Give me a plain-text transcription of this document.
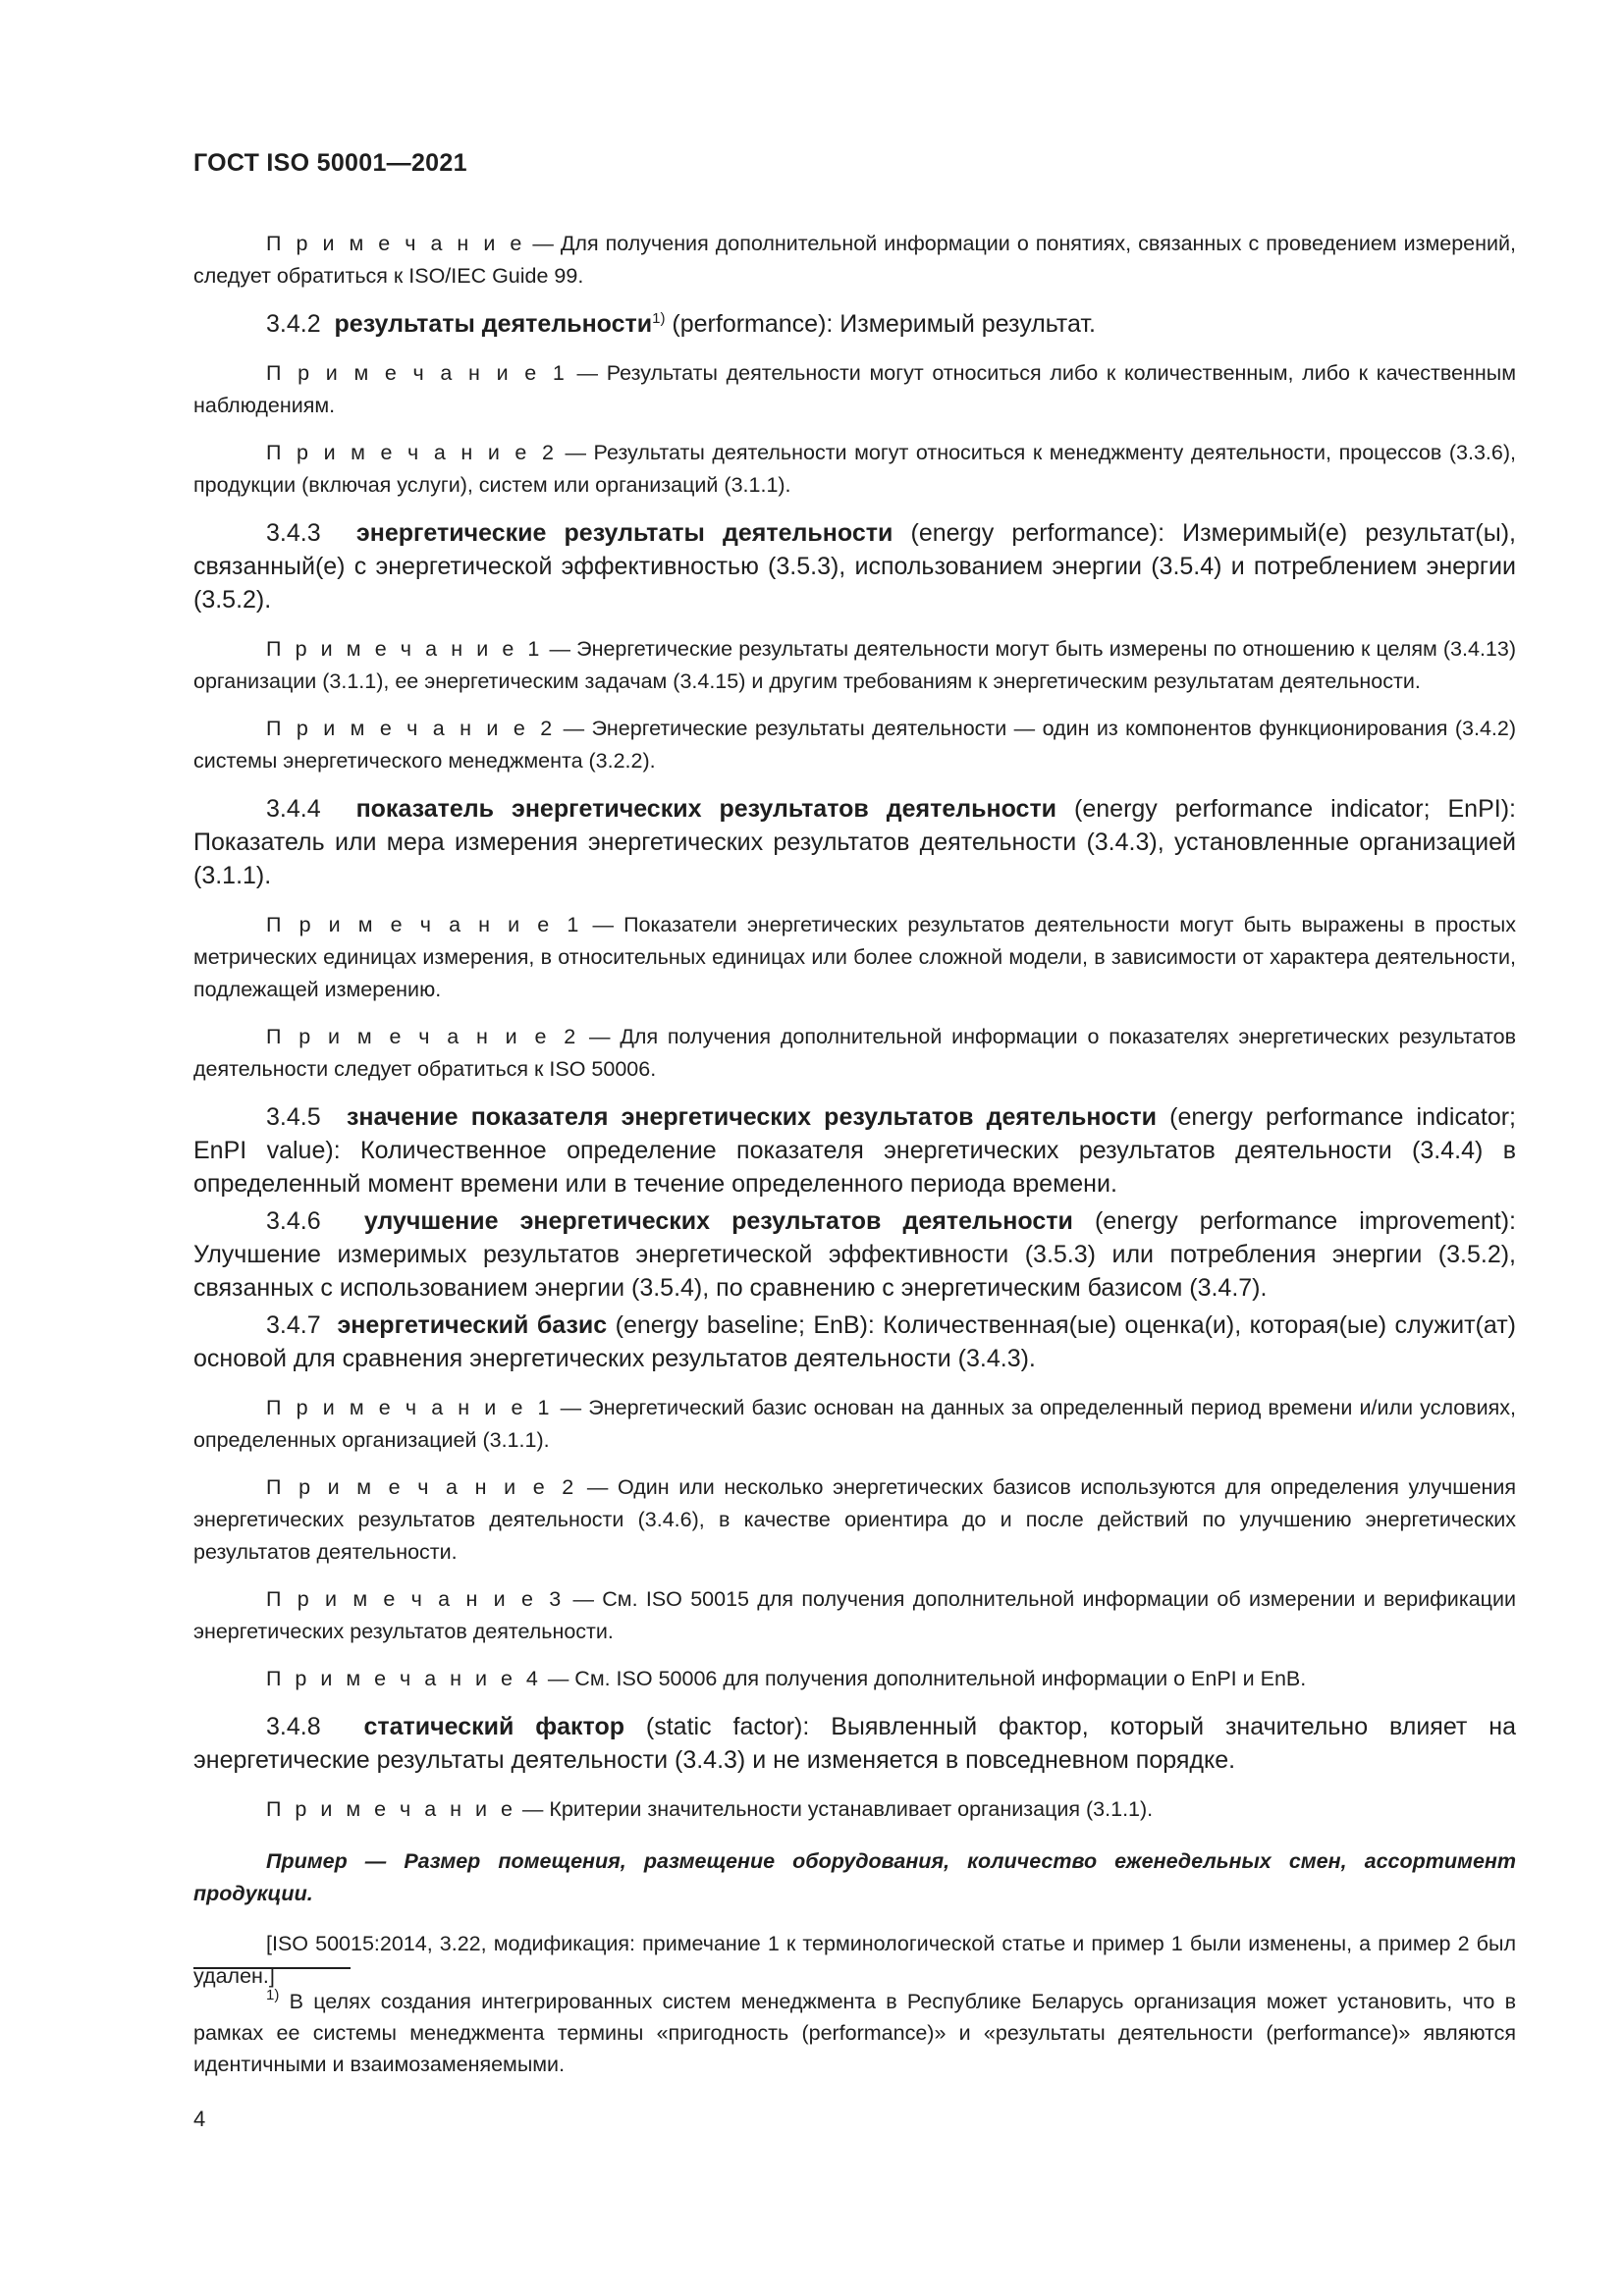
ГОСТ ISO 50001—2021

П р и м е ч а н и е — Для получения дополнительной информации о понятиях, связанных с проведением измерений, следует обратиться к ISO/IEC Guide 99.

3.4.2 результаты деятельности$^{1)}$ (performance): Измеримый результат.

П р и м е ч а н и е 1 — Результаты деятельности могут относиться либо к количественным, либо к качественным наблюдениям.

П р и м е ч а н и е 2 — Результаты деятельности могут относиться к менеджменту деятельности, процессов (3.3.6), продукции (включая услуги), систем или организаций (3.1.1).

3.4.3 энергетические результаты деятельности (energy performance): Измеримый(е) результат(ы), связанный(е) с энергетической эффективностью (3.5.3), использованием энергии (3.5.4) и потреблением энергии (3.5.2).

П р и м е ч а н и е 1 — Энергетические результаты деятельности могут быть измерены по отношению к целям (3.4.13) организации (3.1.1), ее энергетическим задачам (3.4.15) и другим требованиям к энергетическим результатам деятельности.

П р и м е ч а н и е 2 — Энергетические результаты деятельности — один из компонентов функционирования (3.4.2) системы энергетического менеджмента (3.2.2).

3.4.4 показатель энергетических результатов деятельности (energy performance indicator; EnPI): Показатель или мера измерения энергетических результатов деятельности (3.4.3), установленные организацией (3.1.1).

П р и м е ч а н и е 1 — Показатели энергетических результатов деятельности могут быть выражены в простых метрических единицах измерения, в относительных единицах или более сложной модели, в зависимости от характера деятельности, подлежащей измерению.

П р и м е ч а н и е 2 — Для получения дополнительной информации о показателях энергетических результатов деятельности следует обратиться к ISO 50006.

3.4.5 значение показателя энергетических результатов деятельности (energy performance indicator; EnPI value): Количественное определение показателя энергетических результатов деятельности (3.4.4) в определенный момент времени или в течение определенного периода времени.

3.4.6 улучшение энергетических результатов деятельности (energy performance improvement): Улучшение измеримых результатов энергетической эффективности (3.5.3) или потребления энергии (3.5.2), связанных с использованием энергии (3.5.4), по сравнению с энергетическим базисом (3.4.7).

3.4.7 энергетический базис (energy baseline; EnB): Количественная(ые) оценка(и), которая(ые) служит(ат) основой для сравнения энергетических результатов деятельности (3.4.3).

П р и м е ч а н и е 1 — Энергетический базис основан на данных за определенный период времени и/или условиях, определенных организацией (3.1.1).

П р и м е ч а н и е 2 — Один или несколько энергетических базисов используются для определения улучшения энергетических результатов деятельности (3.4.6), в качестве ориентира до и после действий по улучшению энергетических результатов деятельности.

П р и м е ч а н и е 3 — См. ISO 50015 для получения дополнительной информации об измерении и верификации энергетических результатов деятельности.

П р и м е ч а н и е 4 — См. ISO 50006 для получения дополнительной информации о EnPI и EnB.

3.4.8 статический фактор (static factor): Выявленный фактор, который значительно влияет на энергетические результаты деятельности (3.4.3) и не изменяется в повседневном порядке.

П р и м е ч а н и е — Критерии значительности устанавливает организация (3.1.1).

Пример — Размер помещения, размещение оборудования, количество еженедельных смен, ассортимент продукции.

[ISO 50015:2014, 3.22, модификация: примечание 1 к терминологической статье и пример 1 были изменены, а пример 2 был удален.]

$^{1)}$ В целях создания интегрированных систем менеджмента в Республике Беларусь организация может установить, что в рамках ее системы менеджмента термины «пригодность (performance)» и «результаты деятельности (performance)» являются идентичными и взаимозаменяемыми.
4
